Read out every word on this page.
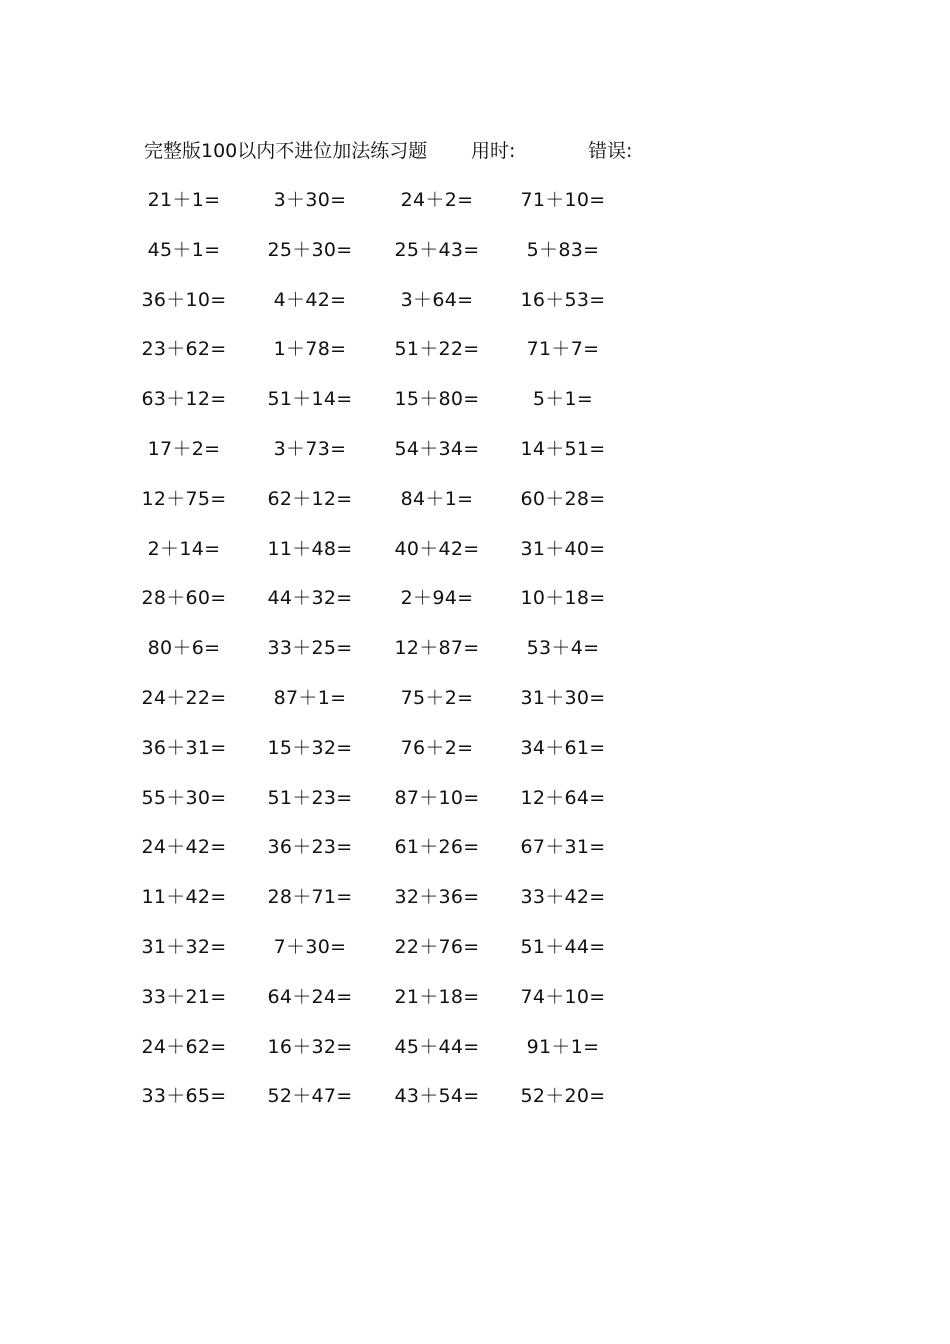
完整版100以内不进位加法练习题 用时:	错误:
21＋1=	3＋30=	24＋2= 71＋10=
45＋1= 25＋30= 25＋43= 5＋83=
36＋10= 4＋42=	3＋64= 16＋53=
23＋62= 1＋78=	51＋22= 71＋7=
63＋12= 51＋14= 15＋80=	5＋1=
17＋2=	3＋73=	54＋34= 14＋51=
12＋75= 62＋12=	84＋1= 60＋28=
2＋14= 11＋48= 40＋42= 31＋40=
28＋60= 44＋32=	2＋94= 10＋18=
80＋6= 33＋25= 12＋87= 53＋4=
24＋22= 87＋1=	75＋2= 31＋30=
36＋31= 15＋32=	76＋2= 34＋61=
55＋30= 51＋23= 87＋10= 12＋64=
24＋42= 36＋23= 61＋26= 67＋31=
11＋42= 28＋71= 32＋36= 33＋42=
31＋32= 7＋30=	22＋76= 51＋44=
33＋21= 64＋24= 21＋18= 74＋10=
24＋62= 16＋32= 45＋44= 91＋1=
33＋65= 52＋47= 43＋54= 52＋20=
